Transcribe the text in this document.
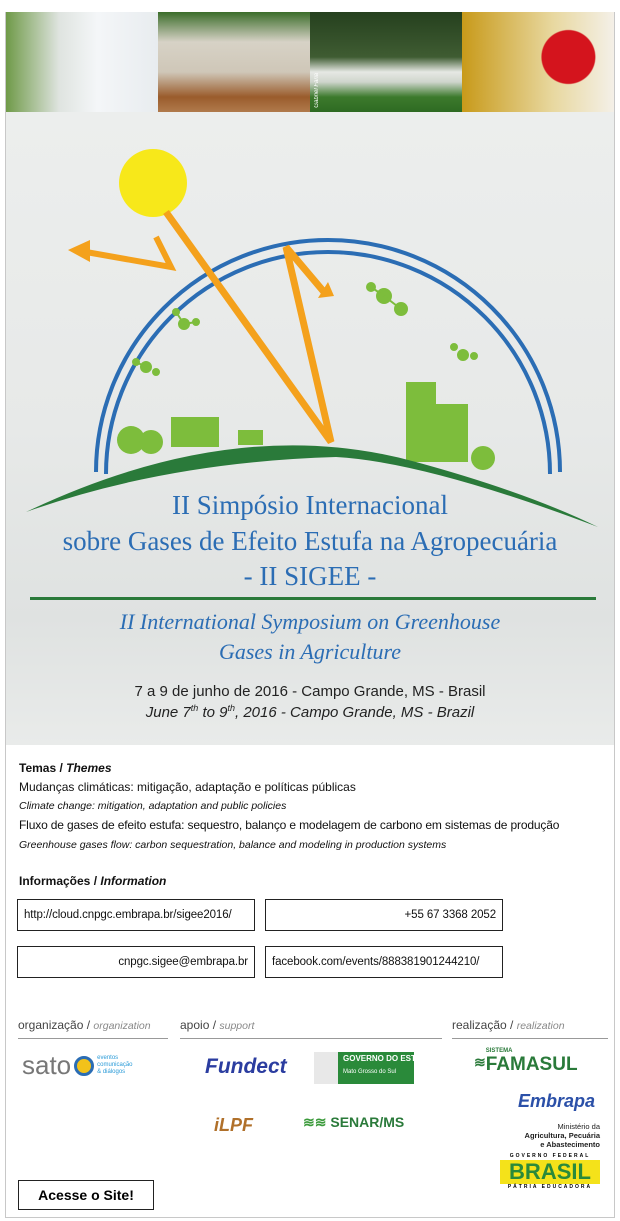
Gabriel Faria
II Simpósio Internacional
sobre Gases de Efeito Estufa na Agropecuária
- II SIGEE -
II International Symposium on Greenhouse
Gases in Agriculture
7 a 9 de junho de 2016 - Campo Grande, MS - Brasil
June 7th to 9th, 2016 - Campo Grande, MS - Brazil
Temas / Themes
Mudanças climáticas: mitigação, adaptação e políticas públicas
Climate change: mitigation, adaptation and public policies
Fluxo de gases de efeito estufa: sequestro, balanço e modelagem de carbono em sistemas de produção
Greenhouse gases flow: carbon sequestration, balance and modeling in production systems
Informações / Information
http://cloud.cnpgc.embrapa.br/sigee2016/	+55 67 3368 2052
cnpgc.sigee@embrapa.br	facebook.com/events/888381901244210/
organização / organization	apoio / support	realização / realization
sato	eventos comunicação & diálogos	Fundect	GOVERNO DO ESTADO
Mato Grosso do Sul
iLPF	≋≋ SENAR/MS
≋
SISTEMA
FAMASUL
Embrapa
Ministério da
Agricultura, Pecuária
e Abastecimento
GOVERNO FEDERAL
BRASIL
PÁTRIA EDUCADORA
Acesse o Site!
